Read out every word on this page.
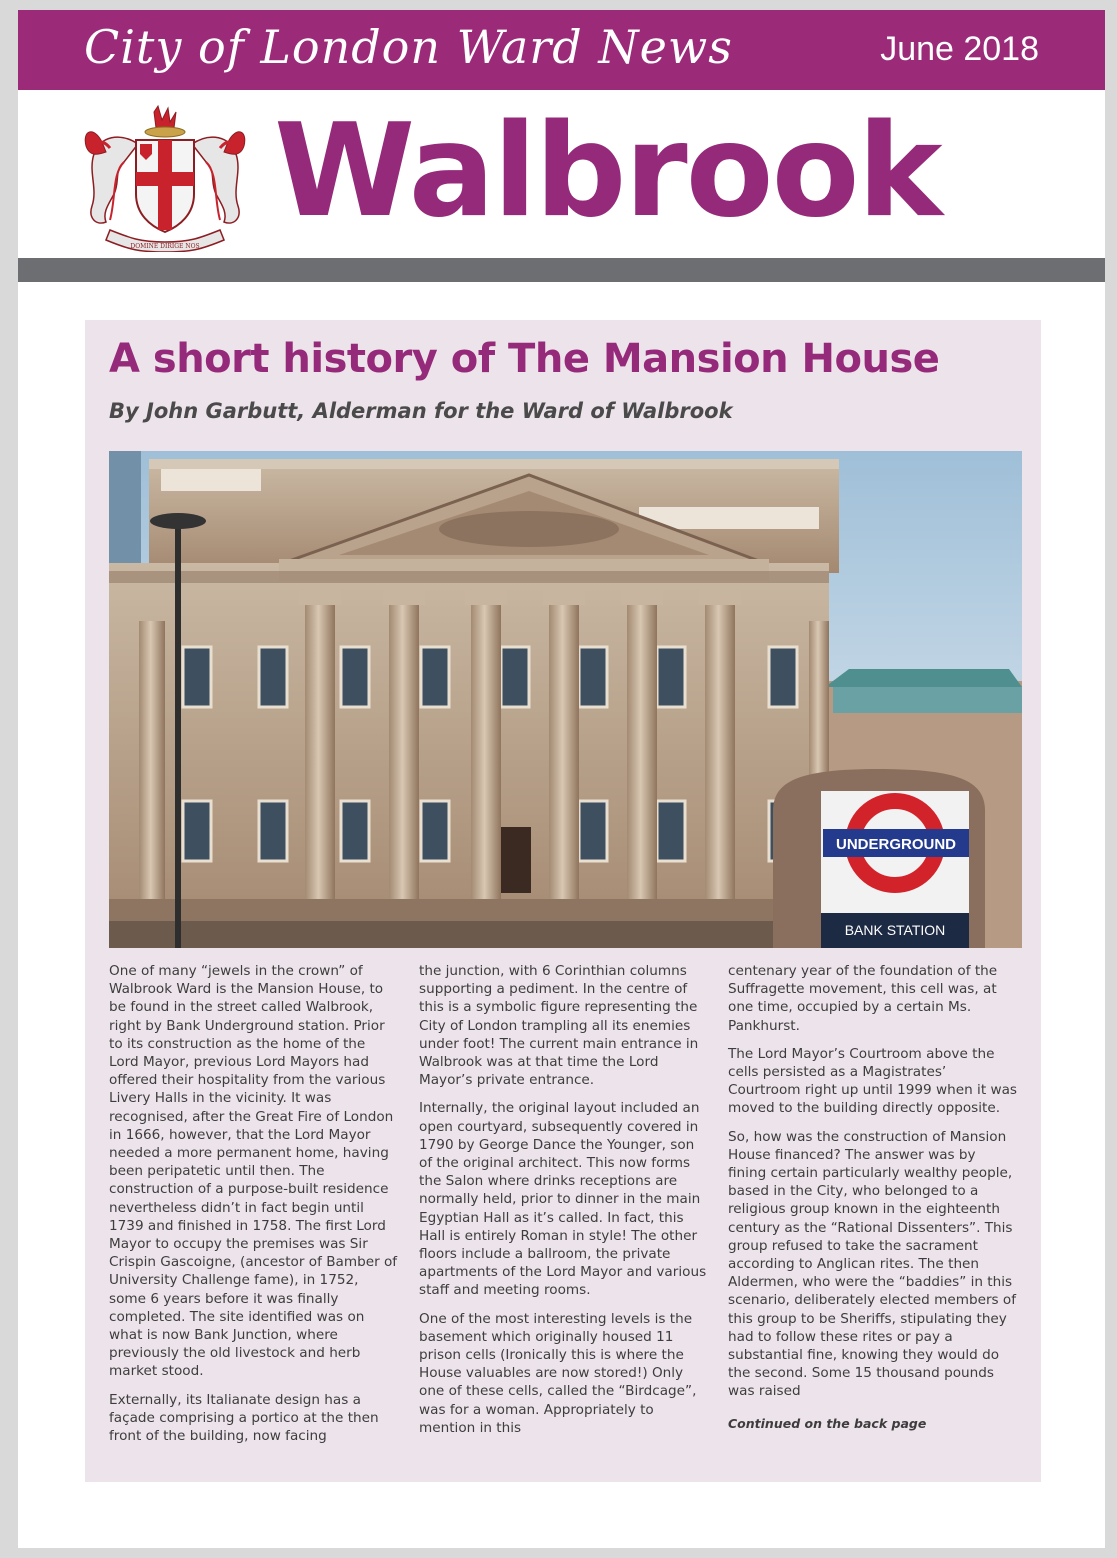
City of London Ward News	June 2018
DOMINE DIRIGE NOS
Walbrook
A short history of The Mansion House
By John Garbutt, Alderman for the Ward of Walbrook
UNDERGROUND
BANK STATION

One of many “jewels in the crown” of Walbrook Ward is the Mansion House, to be found in the street called Walbrook, right by Bank Underground station. Prior to its construction as the home of the Lord Mayor, previous Lord Mayors had offered their hospitality from the various Livery Halls in the vicinity. It was recognised, after the Great Fire of London in 1666, however, that the Lord Mayor needed a more permanent home, having been peripatetic until then. The construction of a purpose-built residence nevertheless didn’t in fact begin until 1739 and finished in 1758. The first Lord Mayor to occupy the premises was Sir Crispin Gascoigne, (ancestor of Bamber of University Challenge fame), in 1752, some 6 years before it was finally completed. The site identified was on what is now Bank Junction, where previously the old livestock and herb market stood.

Externally, its Italianate design has a façade comprising a portico at the then front of the building, now facing

the junction, with 6 Corinthian columns supporting a pediment. In the centre of this is a symbolic figure representing the City of London trampling all its enemies under foot! The current main entrance in Walbrook was at that time the Lord Mayor’s private entrance.

Internally, the original layout included an open courtyard, subsequently covered in 1790 by George Dance the Younger, son of the original architect. This now forms the Salon where drinks receptions are normally held, prior to dinner in the main Egyptian Hall as it’s called. In fact, this Hall is entirely Roman in style! The other floors include a ballroom, the private apartments of the Lord Mayor and various staff and meeting rooms.

One of the most interesting levels is the basement which originally housed 11 prison cells (Ironically this is where the House valuables are now stored!) Only one of these cells, called the “Birdcage”, was for a woman. Appropriately to mention in this

centenary year of the foundation of the Suffragette movement, this cell was, at one time, occupied by a certain Ms. Pankhurst.

The Lord Mayor’s Courtroom above the cells persisted as a Magistrates’ Courtroom right up until 1999 when it was moved to the building directly opposite.

So, how was the construction of Mansion House financed? The answer was by fining certain particularly wealthy people, based in the City, who belonged to a religious group known in the eighteenth century as the “Rational Dissenters”. This group refused to take the sacrament according to Anglican rites. The then Aldermen, who were the “baddies” in this scenario, deliberately elected members of this group to be Sheriffs, stipulating they had to follow these rites or pay a substantial fine, knowing they would do the second. Some 15 thousand pounds was raised

Continued on the back page
